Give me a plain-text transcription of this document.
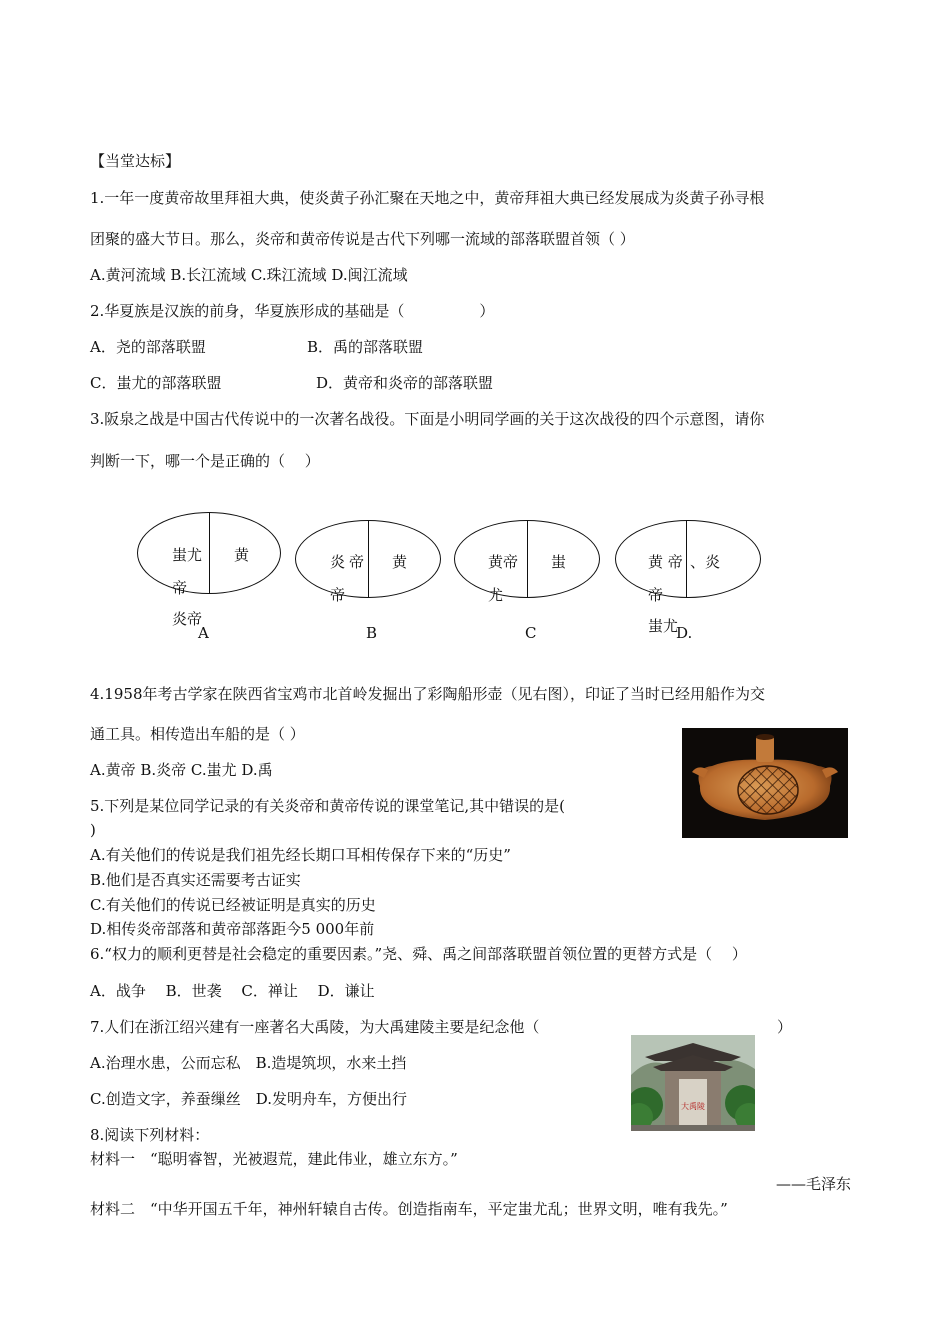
【当堂达标】
1.一年一度黄帝故里拜祖大典，使炎黄子孙汇聚在天地之中，黄帝拜祖大典已经发展成为炎黄子孙寻根
团聚的盛大节日。那么，炎帝和黄帝传说是古代下列哪一流域的部落联盟首领（ ）
A.黄河流域 B.长江流域 C.珠江流域 D.闽江流域
2.华夏族是汉族的前身，华夏族形成的基础是（　　　　　）
A．尧的部落联盟	B．禹的部落联盟
C．蚩尤的部落联盟	D．黄帝和炎帝的部落联盟
3.阪泉之战是中国古代传说中的一次著名战役。下面是小明同学画的关于这次战役的四个示意图，请你
判断一下，哪一个是正确的（　 ）
蚩尤 黄
帝
炎帝
A
炎帝 黄
帝
B
黄帝 蚩
尤
C
黄 帝 、炎
帝
蚩尤
D.
4.1958年考古学家在陕西省宝鸡市北首岭发掘出了彩陶船形壶（见右图），印证了当时已经用船作为交
通工具。相传造出车船的是（ ）
A.黄帝 B.炎帝 C.蚩尤 D.禹
5.下列是某位同学记录的有关炎帝和黄帝传说的课堂笔记,其中错误的是(
)
A.有关他们的传说是我们祖先经长期口耳相传保存下来的“历史”
B.他们是否真实还需要考古证实
C.有关他们的传说已经被证明是真实的历史
D.相传炎帝部落和黄帝部落距今5 000年前
6.“权力的顺利更替是社会稳定的重要因素。”尧、舜、禹之间部落联盟首领位置的更替方式是（　 ）
A．战争　 B．世袭　 C．禅让　 D．谦让
7.人们在浙江绍兴建有一座著名大禹陵，为大禹建陵主要是纪念他（	）
A.治理水患，公而忘私　B.造堤筑坝，水来土挡
C.创造文字，养蚕缫丝　D.发明舟车，方便出行	大禹陵
8.阅读下列材料：
材料一　“聪明睿智，光被遐荒，建此伟业，雄立东方。”
——毛泽东
材料二　“中华开国五千年，神州轩辕自古传。创造指南车，平定蚩尤乱；世界文明，唯有我先。”
